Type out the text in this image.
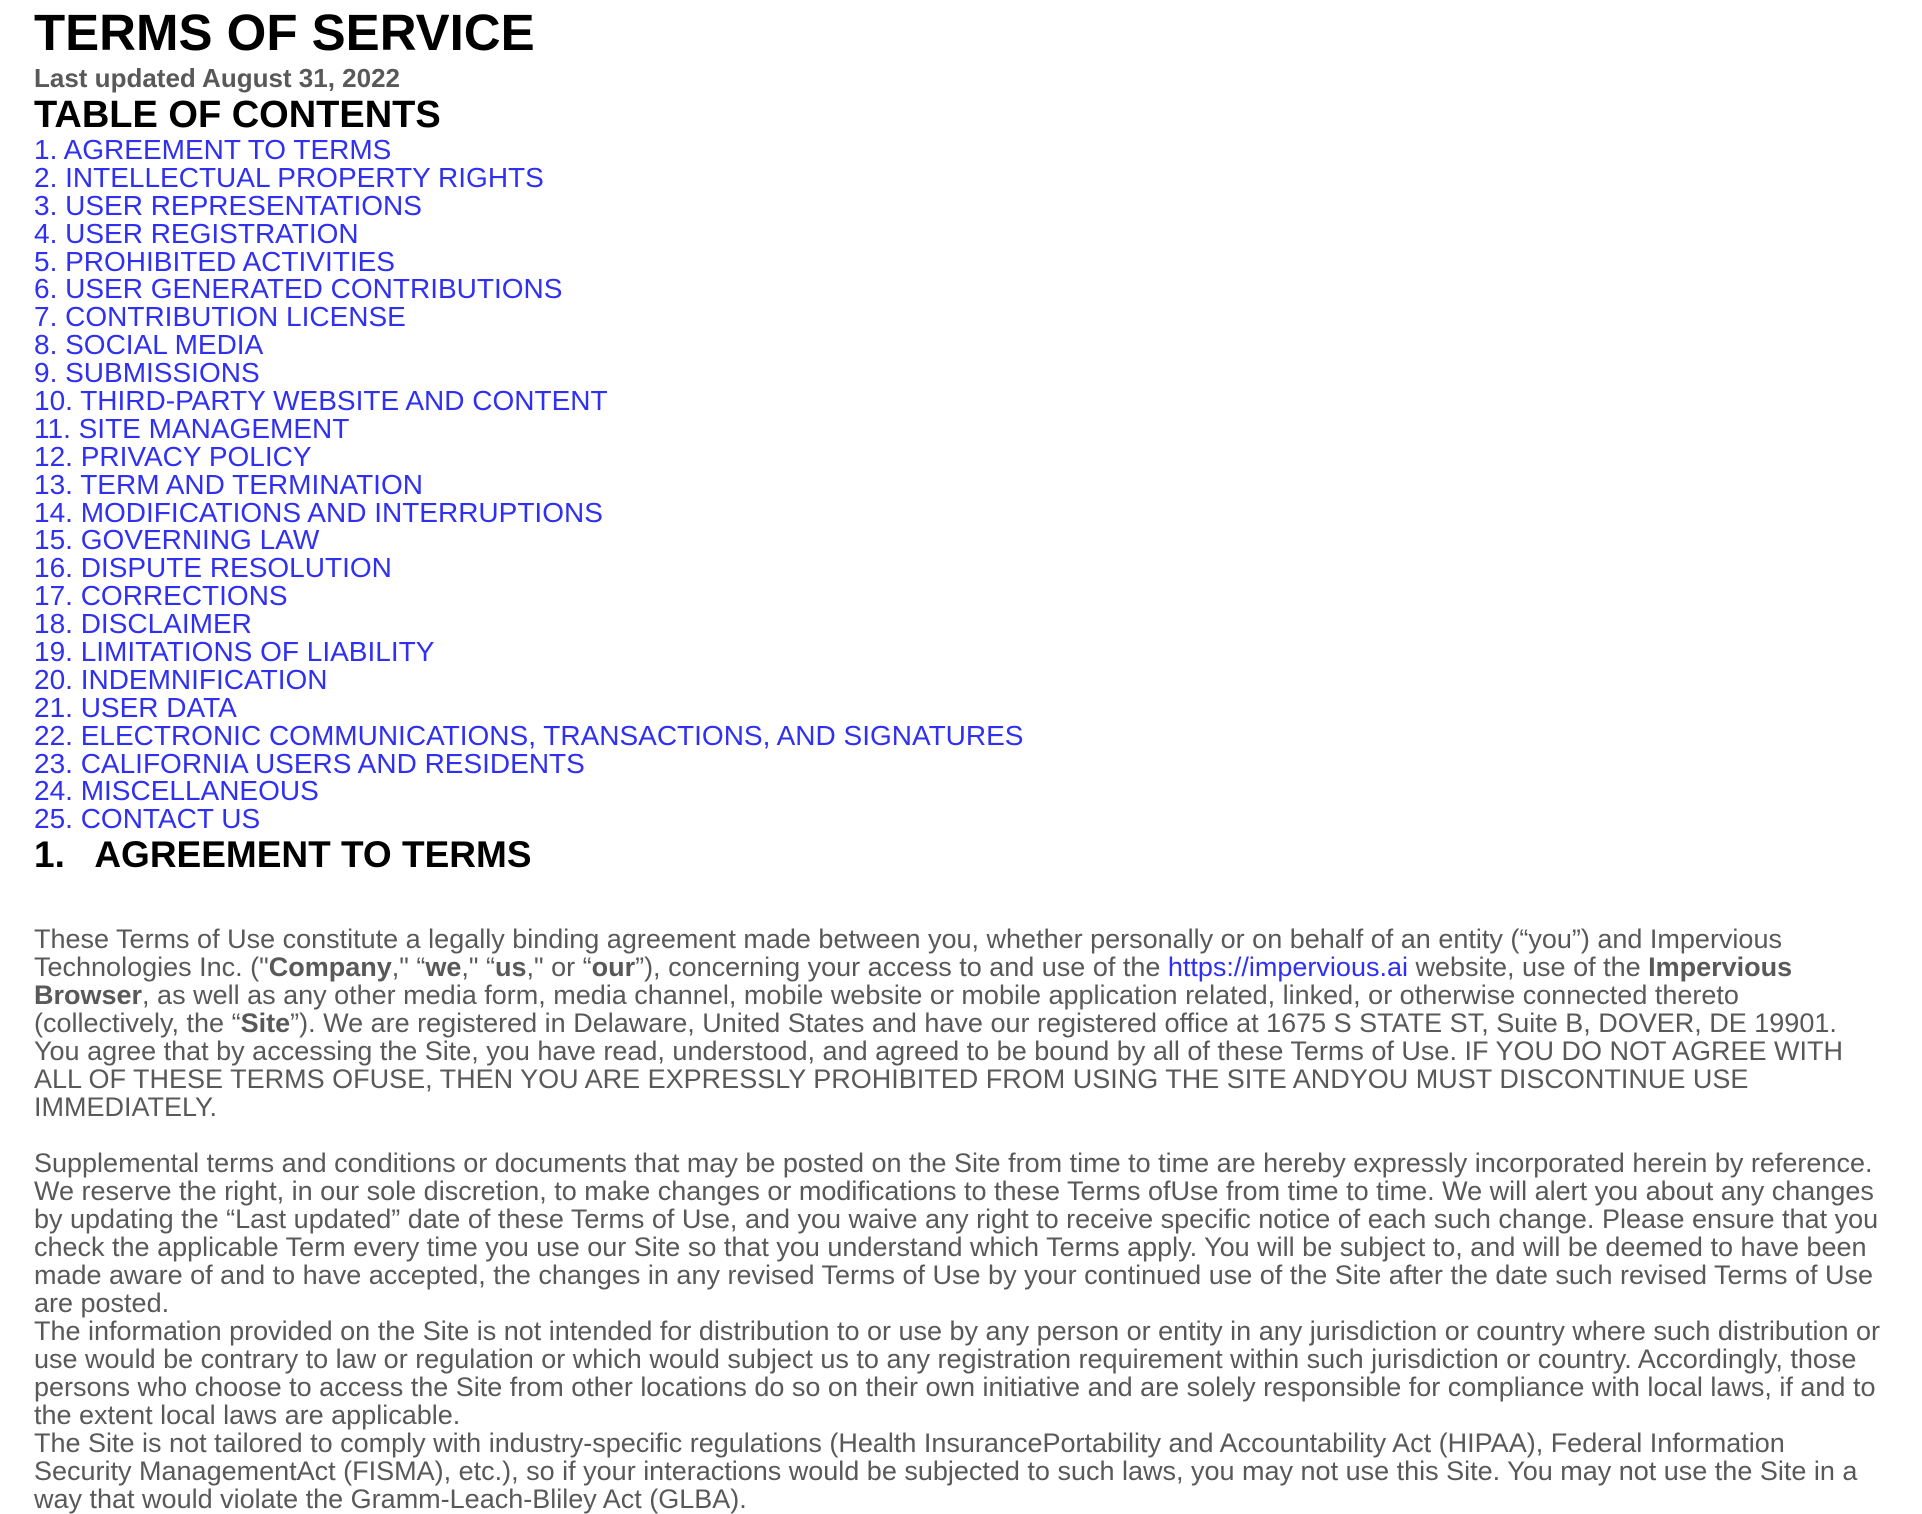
TERMS OF SERVICE
Last updated August 31, 2022
TABLE OF CONTENTS
1. AGREEMENT TO TERMS
2. INTELLECTUAL PROPERTY RIGHTS
3. USER REPRESENTATIONS
4. USER REGISTRATION
5. PROHIBITED ACTIVITIES
6. USER GENERATED CONTRIBUTIONS
7. CONTRIBUTION LICENSE
8. SOCIAL MEDIA
9. SUBMISSIONS
10. THIRD-PARTY WEBSITE AND CONTENT
11. SITE MANAGEMENT
12. PRIVACY POLICY
13. TERM AND TERMINATION
14. MODIFICATIONS AND INTERRUPTIONS
15. GOVERNING LAW
16. DISPUTE RESOLUTION
17. CORRECTIONS
18. DISCLAIMER
19. LIMITATIONS OF LIABILITY
20. INDEMNIFICATION
21. USER DATA
22. ELECTRONIC COMMUNICATIONS, TRANSACTIONS, AND SIGNATURES
23. CALIFORNIA USERS AND RESIDENTS
24. MISCELLANEOUS
25. CONTACT US
1.   AGREEMENT TO TERMS
These Terms of Use constitute a legally binding agreement made between you, whether personally or on behalf of an entity (“you”) and Impervious Technologies Inc. ("Company," “we," “us," or “our”), concerning your access to and use of the https://impervious.ai website, use of the Impervious Browser, as well as any other media form, media channel, mobile website or mobile application related, linked, or otherwise connected thereto (collectively, the “Site”). We are registered in Delaware, United States and have our registered office at 1675 S STATE ST, Suite B, DOVER, DE 19901. You agree that by accessing the Site, you have read, understood, and agreed to be bound by all of these Terms of Use. IF YOU DO NOT AGREE WITH ALL OF THESE TERMS OFUSE, THEN YOU ARE EXPRESSLY PROHIBITED FROM USING THE SITE ANDYOU MUST DISCONTINUE USE IMMEDIATELY.
Supplemental terms and conditions or documents that may be posted on the Site from time to time are hereby expressly incorporated herein by reference. We reserve the right, in our sole discretion, to make changes or modifications to these Terms ofUse from time to time. We will alert you about any changes by updating the “Last updated” date of these Terms of Use, and you waive any right to receive specific notice of each such change. Please ensure that you check the applicable Term every time you use our Site so that you understand which Terms apply. You will be subject to, and will be deemed to have been made aware of and to have accepted, the changes in any revised Terms of Use by your continued use of the Site after the date such revised Terms of Use are posted.
The information provided on the Site is not intended for distribution to or use by any person or entity in any jurisdiction or country where such distribution or use would be contrary to law or regulation or which would subject us to any registration requirement within such jurisdiction or country. Accordingly, those persons who choose to access the Site from other locations do so on their own initiative and are solely responsible for compliance with local laws, if and to the extent local laws are applicable.
The Site is not tailored to comply with industry-specific regulations (Health InsurancePortability and Accountability Act (HIPAA), Federal Information Security ManagementAct (FISMA), etc.), so if your interactions would be subjected to such laws, you may not use this Site. You may not use the Site in a way that would violate the Gramm-Leach-Bliley Act (GLBA).
